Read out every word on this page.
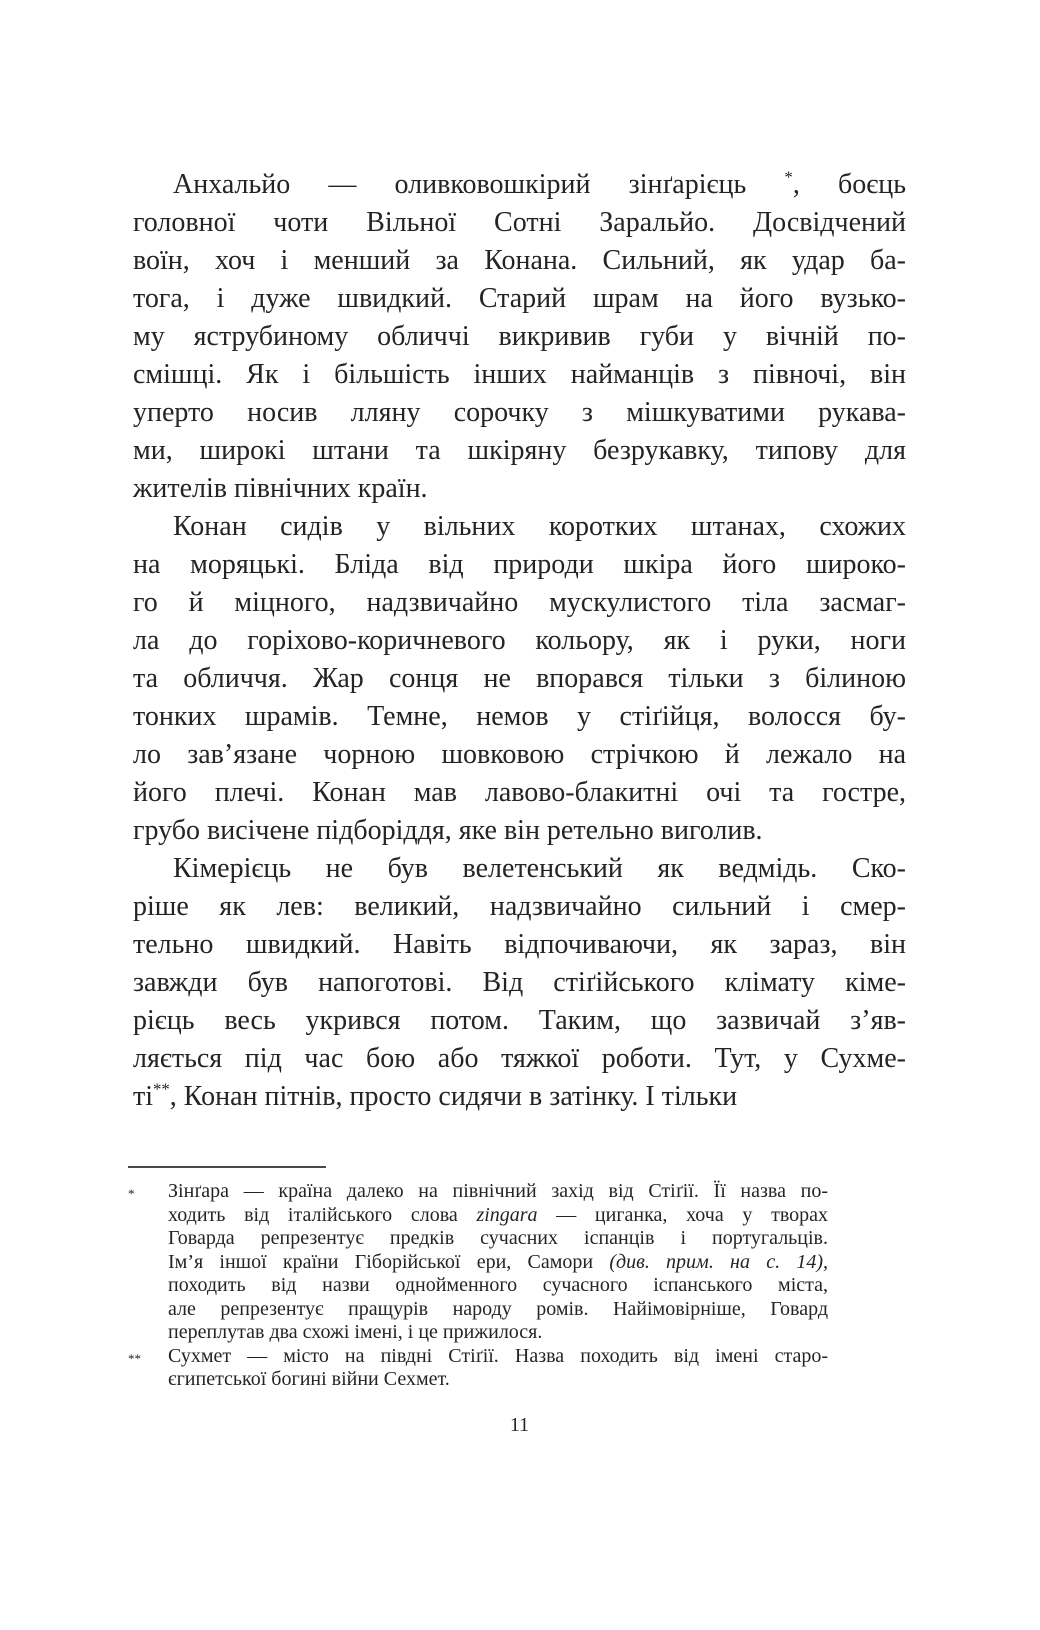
Анхальйо — оливковошкірий зінґарієць *, боєць
головної чоти Вільної Сотні Заральйо. Досвідчений
воїн, хоч і менший за Конана. Сильний, як удар ба-
тога, і дуже швидкий. Старий шрам на його вузько-
му яструбиному обличчі викривив губи у вічній по-
смішці. Як і більшість інших найманців з півночі, він
уперто носив лляну сорочку з мішкуватими рукава-
ми, широкі штани та шкіряну безрукавку, типову для
жителів північних країн.
Конан сидів у вільних коротких штанах, схожих
на моряцькі. Бліда від природи шкіра його широко-
го й міцного, надзвичайно мускулистого тіла засмаг-
ла до горіхово-коричневого кольору, як і руки, ноги
та обличчя. Жар сонця не впорався тільки з білиною
тонких шрамів. Темне, немов у стіґійця, волосся бу-
ло зав’язане чорною шовковою стрічкою й лежало на
його плечі. Конан мав лавово-блакитні очі та гостре,
грубо висічене підборіддя, яке він ретельно виголив.
Кімерієць не був велетенський як ведмідь. Ско-
ріше як лев: великий, надзвичайно сильний і смер-
тельно швидкий. Навіть відпочиваючи, як зараз, він
завжди був напоготові. Від стіґійського клімату кіме-
рієць весь укрився потом. Таким, що зазвичай з’яв-
ляється під час бою або тяжкої роботи. Тут, у Сухме-
ті**, Конан пітнів, просто сидячи в затінку. І тільки
*	Зінґара — країна далеко на північний захід від Стіґії. Її назва по-
ходить від італійського слова zingara — циганка, хоча у творах
Говарда репрезентує предків сучасних іспанців і португальців.
Ім’я іншої країни Гіборійської ери, Самори (див. прим. на с. 14),
походить від назви однойменного сучасного іспанського міста,
але репрезентує пращурів народу ромів. Найімовірніше, Говард
переплутав два схожі імені, і це прижилося.
**	Сухмет — місто на півдні Стіґії. Назва походить від імені старо-
єгипетської богині війни Сехмет.
11
